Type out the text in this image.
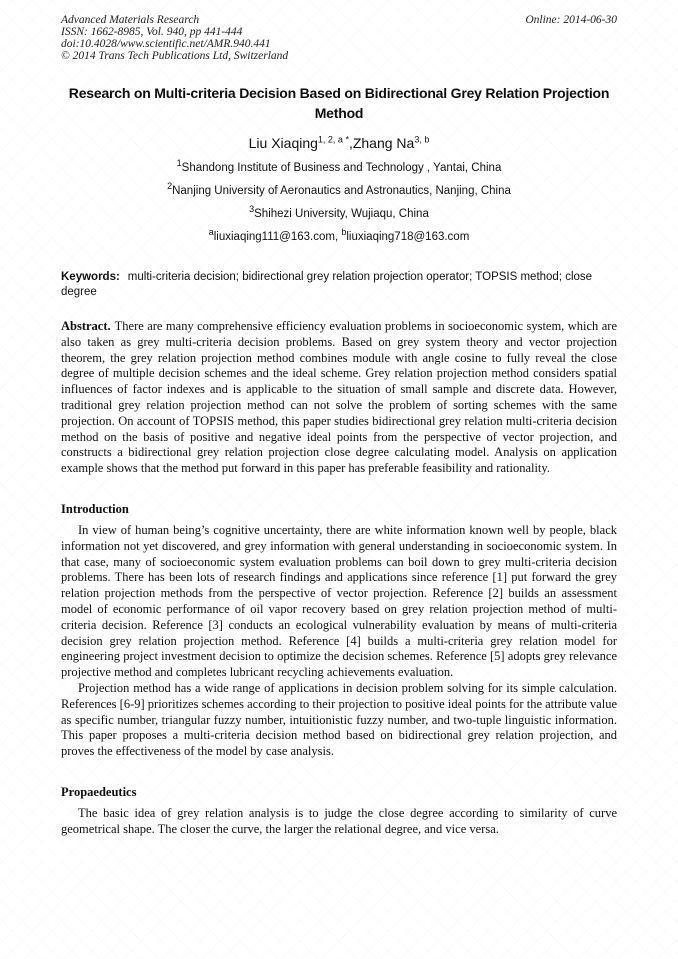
Advanced Materials Research
ISSN: 1662-8985, Vol. 940, pp 441-444
doi:10.4028/www.scientific.net/AMR.940.441
© 2014 Trans Tech Publications Ltd, Switzerland
Online: 2014-06-30
Research on Multi-criteria Decision Based on Bidirectional Grey Relation Projection Method
Liu Xiaqing$^{1, 2, a *}$,Zhang Na$^{3, b}$
$^1$Shandong Institute of Business and Technology , Yantai, China
$^2$Nanjing University of Aeronautics and Astronautics, Nanjing, China
$^3$Shihezi University, Wujiaqu, China
$^a$liuxiaqing111@163.com, $^b$liuxiaqing718@163.com
Keywords: multi-criteria decision; bidirectional grey relation projection operator; TOPSIS method; close degree
Abstract. There are many comprehensive efficiency evaluation problems in socioeconomic system, which are also taken as grey multi-criteria decision problems. Based on grey system theory and vector projection theorem, the grey relation projection method combines module with angle cosine to fully reveal the close degree of multiple decision schemes and the ideal scheme. Grey relation projection method considers spatial influences of factor indexes and is applicable to the situation of small sample and discrete data. However, traditional grey relation projection method can not solve the problem of sorting schemes with the same projection. On account of TOPSIS method, this paper studies bidirectional grey relation multi-criteria decision method on the basis of positive and negative ideal points from the perspective of vector projection, and constructs a bidirectional grey relation projection close degree calculating model. Analysis on application example shows that the method put forward in this paper has preferable feasibility and rationality.
Introduction

In view of human being’s cognitive uncertainty, there are white information known well by people, black information not yet discovered, and grey information with general understanding in socioeconomic system. In that case, many of socioeconomic system evaluation problems can boil down to grey multi-criteria decision problems. There has been lots of research findings and applications since reference [1] put forward the grey relation projection methods from the perspective of vector projection. Reference [2] builds an assessment model of economic performance of oil vapor recovery based on grey relation projection method of multi-criteria decision. Reference [3] conducts an ecological vulnerability evaluation by means of multi-criteria decision grey relation projection method. Reference [4] builds a multi-criteria grey relation model for engineering project investment decision to optimize the decision schemes. Reference [5] adopts grey relevance projective method and completes lubricant recycling achievements evaluation.

Projection method has a wide range of applications in decision problem solving for its simple calculation. References [6-9] prioritizes schemes according to their projection to positive ideal points for the attribute value as specific number, triangular fuzzy number, intuitionistic fuzzy number, and two-tuple linguistic information. This paper proposes a multi-criteria decision method based on bidirectional grey relation projection, and proves the effectiveness of the model by case analysis.

Propaedeutics

The basic idea of grey relation analysis is to judge the close degree according to similarity of curve geometrical shape. The closer the curve, the larger the relational degree, and vice versa.
